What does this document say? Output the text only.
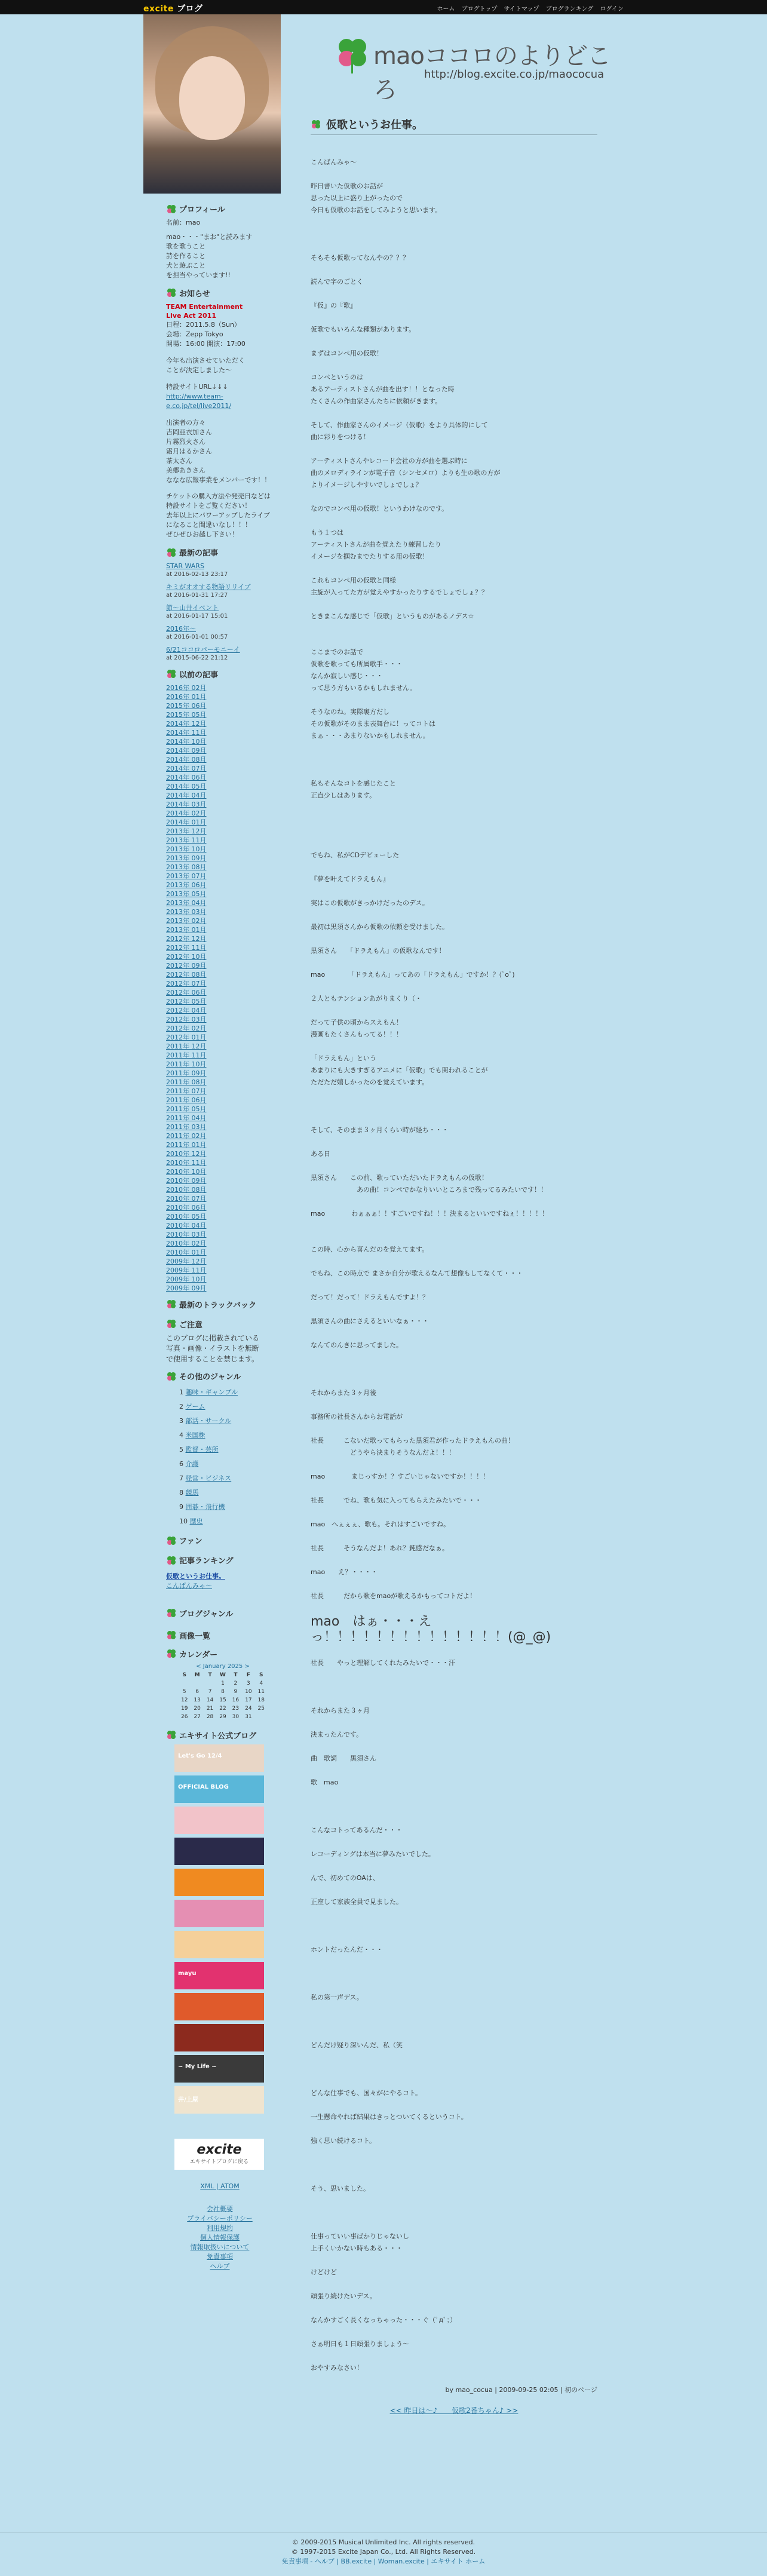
excite ブログ	ホーム ブログトップ サイトマップ ブログランキング ログイン
maoココロのよりどころ
http://blog.excite.co.jp/maococua
プロフィール
名前：mao
mao・・・"まお"と読みます
歌を歌うこと
詩を作ること
犬と遊ぶこと
を担当やっています!!
お知らせ
TEAM Entertainment
Live Act 2011
日程：2011.5.8（Sun）
会場：Zepp Tokyo
開場：16:00 開演：17:00
今年も出演させていただく
ことが決定しました～
特設サイトURL↓↓↓
http://www.team-e.co.jp/tel/live2011/
出演者の方々
吉岡亜衣加さん
片霧烈火さん
霜月はるかさん
茶太さん
美郷あきさん
ななな広報事業をメンバーです！！
チケットの購入方法や発売日などは特設サイトをご覧ください！
去年以上にパワーアップしたライブになること間違いなし！！！
ぜひぜひお越し下さい！
最新の記事
STAR WARS
at 2016-02-13 23:17
キミがオオする物語リリイブ
at 2016-01-31 17:27
節～山井イベント
at 2016-01-17 15:01
2016年～
at 2016-01-01 00:57
6/21ココロパーモニーイ
at 2015-06-22 21:12
以前の記事
2016年 02月
2016年 01月
2015年 06月
2015年 05月
2014年 12月
2014年 11月
2014年 10月
2014年 09月
2014年 08月
2014年 07月
2014年 06月
2014年 05月
2014年 04月
2014年 03月
2014年 02月
2014年 01月
2013年 12月
2013年 11月
2013年 10月
2013年 09月
2013年 08月
2013年 07月
2013年 06月
2013年 05月
2013年 04月
2013年 03月
2013年 02月
2013年 01月
2012年 12月
2012年 11月
2012年 10月
2012年 09月
2012年 08月
2012年 07月
2012年 06月
2012年 05月
2012年 04月
2012年 03月
2012年 02月
2012年 01月
2011年 12月
2011年 11月
2011年 10月
2011年 09月
2011年 08月
2011年 07月
2011年 06月
2011年 05月
2011年 04月
2011年 03月
2011年 02月
2011年 01月
2010年 12月
2010年 11月
2010年 10月
2010年 09月
2010年 08月
2010年 07月
2010年 06月
2010年 05月
2010年 04月
2010年 03月
2010年 02月
2010年 01月
2009年 12月
2009年 11月
2009年 10月
2009年 09月
最新のトラックバック
ご注意
このブログに掲載されている写真・画像・イラストを無断で使用することを禁じます。
その他のジャンル
1 趣味・ギャンブル
2 ゲーム
3 部活・サークル
4 米国株
5 監督・芸所
6 介護
7 経営・ビジネス
8 競馬
9 囲碁・飛行機
10 歴史
ファン
記事ランキング
仮歌というお仕事。
こんばんみゃ～
ブログジャンル
画像一覧
カレンダー
< January 2025 >
S	M	T	W	T	F	S
			1	2	3	4
5	6	7	8	9	10	11
12	13	14	15	16	17	18
19	20	21	22	23	24	25
26	27	28	29	30	31	
エキサイト公式ブログ
Let's Go 12/4
OFFICIAL BLOG
mayu
~ My Life ~
井/上屋
excite
エキサイトブログに戻る
XML | ATOM
会社概要
プライバシーポリシー
利用規約
個人情報保護
情報取扱いについて
免責事項
ヘルプ
仮歌というお仕事。
こんばんみゃ～
昨日書いた仮歌のお話が
思った以上に盛り上がったので
今日も仮歌のお話をしてみようと思います。
そもそも仮歌ってなんやの？？？
読んで字のごとく
『仮』の『歌』
仮歌でもいろんな種類があります。
まずはコンペ用の仮歌！
コンペというのは
あるアーティストさんが曲を出す！！となった時
たくさんの作曲家さんたちに依頼がきます。
そして、作曲家さんのイメージ（仮歌）をより具体的にして
曲に彩りをつける！
アーティストさんやレコード会社の方が曲を選ぶ時に
曲のメロディラインが電子音（シンセメロ）よりも生の歌の方が
よりイメージしやすいでしょでしょ？
なのでコンペ用の仮歌！というわけなのです。
もう１つは
アーティストさんが曲を覚えたり練習したり
イメージを掴むまでたりする用の仮歌！
これもコンペ用の仮歌と同様
主旋が入ってた方が覚えやすかったりするでしょでしょ？？
ときまこんな感じで「仮歌」というものがあるノデス☆
ここまでのお話で
仮歌を歌っても所属歌手・・・
なんか寂しい感じ・・・
って思う方もいるかもしれません。
そうなのね。実際裏方だし
その仮歌がそのまま表舞台に！ってコトは
まぁ・・・あまりないかもしれません。
私もそんなコトを感じたこと
正直少しはあります。
でもね、私がCDデビューした
『夢を叶えてドラえもん』
実はこの仮歌がきっかけだったのデス。
最初は黒須さんから仮歌の依頼を受けました。
黒須さん　　「ドラえもん」の仮歌なんです！
mao　　　　「ドラえもん」ってあの「ドラえもん」ですか！？(ﾟoﾟ)
２人ともテンションあがりまくり（・
だって子供の頃からスえもん！
漫画もたくさんもってる！！！
「ドラえもん」という
あまりにも大きすぎるアニメに「仮歌」でも関われることが
ただただ嬉しかったのを覚えています。
そして、そのまま３ヶ月くらい時が経ち・・・
ある日
黒須さん　　この前、歌っていただいたドラえもんの仮歌！
　　　　　　　あの曲！コンペでかなりいいところまで残ってるみたいです！！
mao　　　　わぁぁぁ！！すごいですね！！！決まるといいですねぇ！！！！！
この時、心から喜んだのを覚えてます。
でもね、この時点で まさか自分が歌えるなんて想像もしてなくて・・・
だって！だって！ドラえもんですよ！？
黒須さんの曲にさえるといいなぁ・・・
なんてのんきに思ってました。
それからまた３ヶ月後
事務所の社長さんからお電話が
社長　　　こないだ歌ってもらった黒須君が作ったドラえもんの曲！
　　　　　　どうやら決まりそうなんだよ！！！
mao　　　　まじっすか！？すごいじゃないですか！！！！
社長　　　でね、歌も気に入ってもらえたみたいで・・・
mao　へぇぇぇ、歌も。それはすごいですね。
社長　　　そうなんだよ！あれ？鈍感だなぁ。
mao　　え？・・・・
社長　　　だから歌をmaoが歌えるかもってコトだよ！
mao　はぁ・・・え
っ！！！！！！！！！！！！！！(@_@)
社長　　やっと理解してくれたみたいで・・・汗
それからまた３ヶ月
決まったんです。
曲　歌詞　　黒須さん
歌　mao
こんなコトってあるんだ・・・
レコーディングは本当に夢みたいでした。
んで、初めてのOAは、
正座して家族全員で見ました。
ホントだったんだ・・・
私の第一声デス。
どんだけ疑り深いんだ、私（笑
どんな仕事でも、国々がにやるコト。
一生懸命やれば結果はきっとついてくるというコト。
強く思い続けるコト。
そう、思いました。
仕事っていい事ばかりじゃないし
上手くいかない時もある・・・
けどけど
頑張り続けたいデス。
なんかすごく長くなっちゃった・・・ぐ（ﾟдﾟ；）
さぁ明日も１日頑張りましょう～
おやすみなさい！
by mao_cocua | 2009-09-25 02:05 | 初のページ
<< 昨日は～♪　　仮歌2番ちゃん♪ >>
© 2009-2015 Musical Unlimited Inc. All rights reserved.
© 1997-2015 Excite Japan Co., Ltd. All Rights Reserved.
免責事項 - ヘルプ | BB.excite | Woman.excite | エキサイト ホーム
